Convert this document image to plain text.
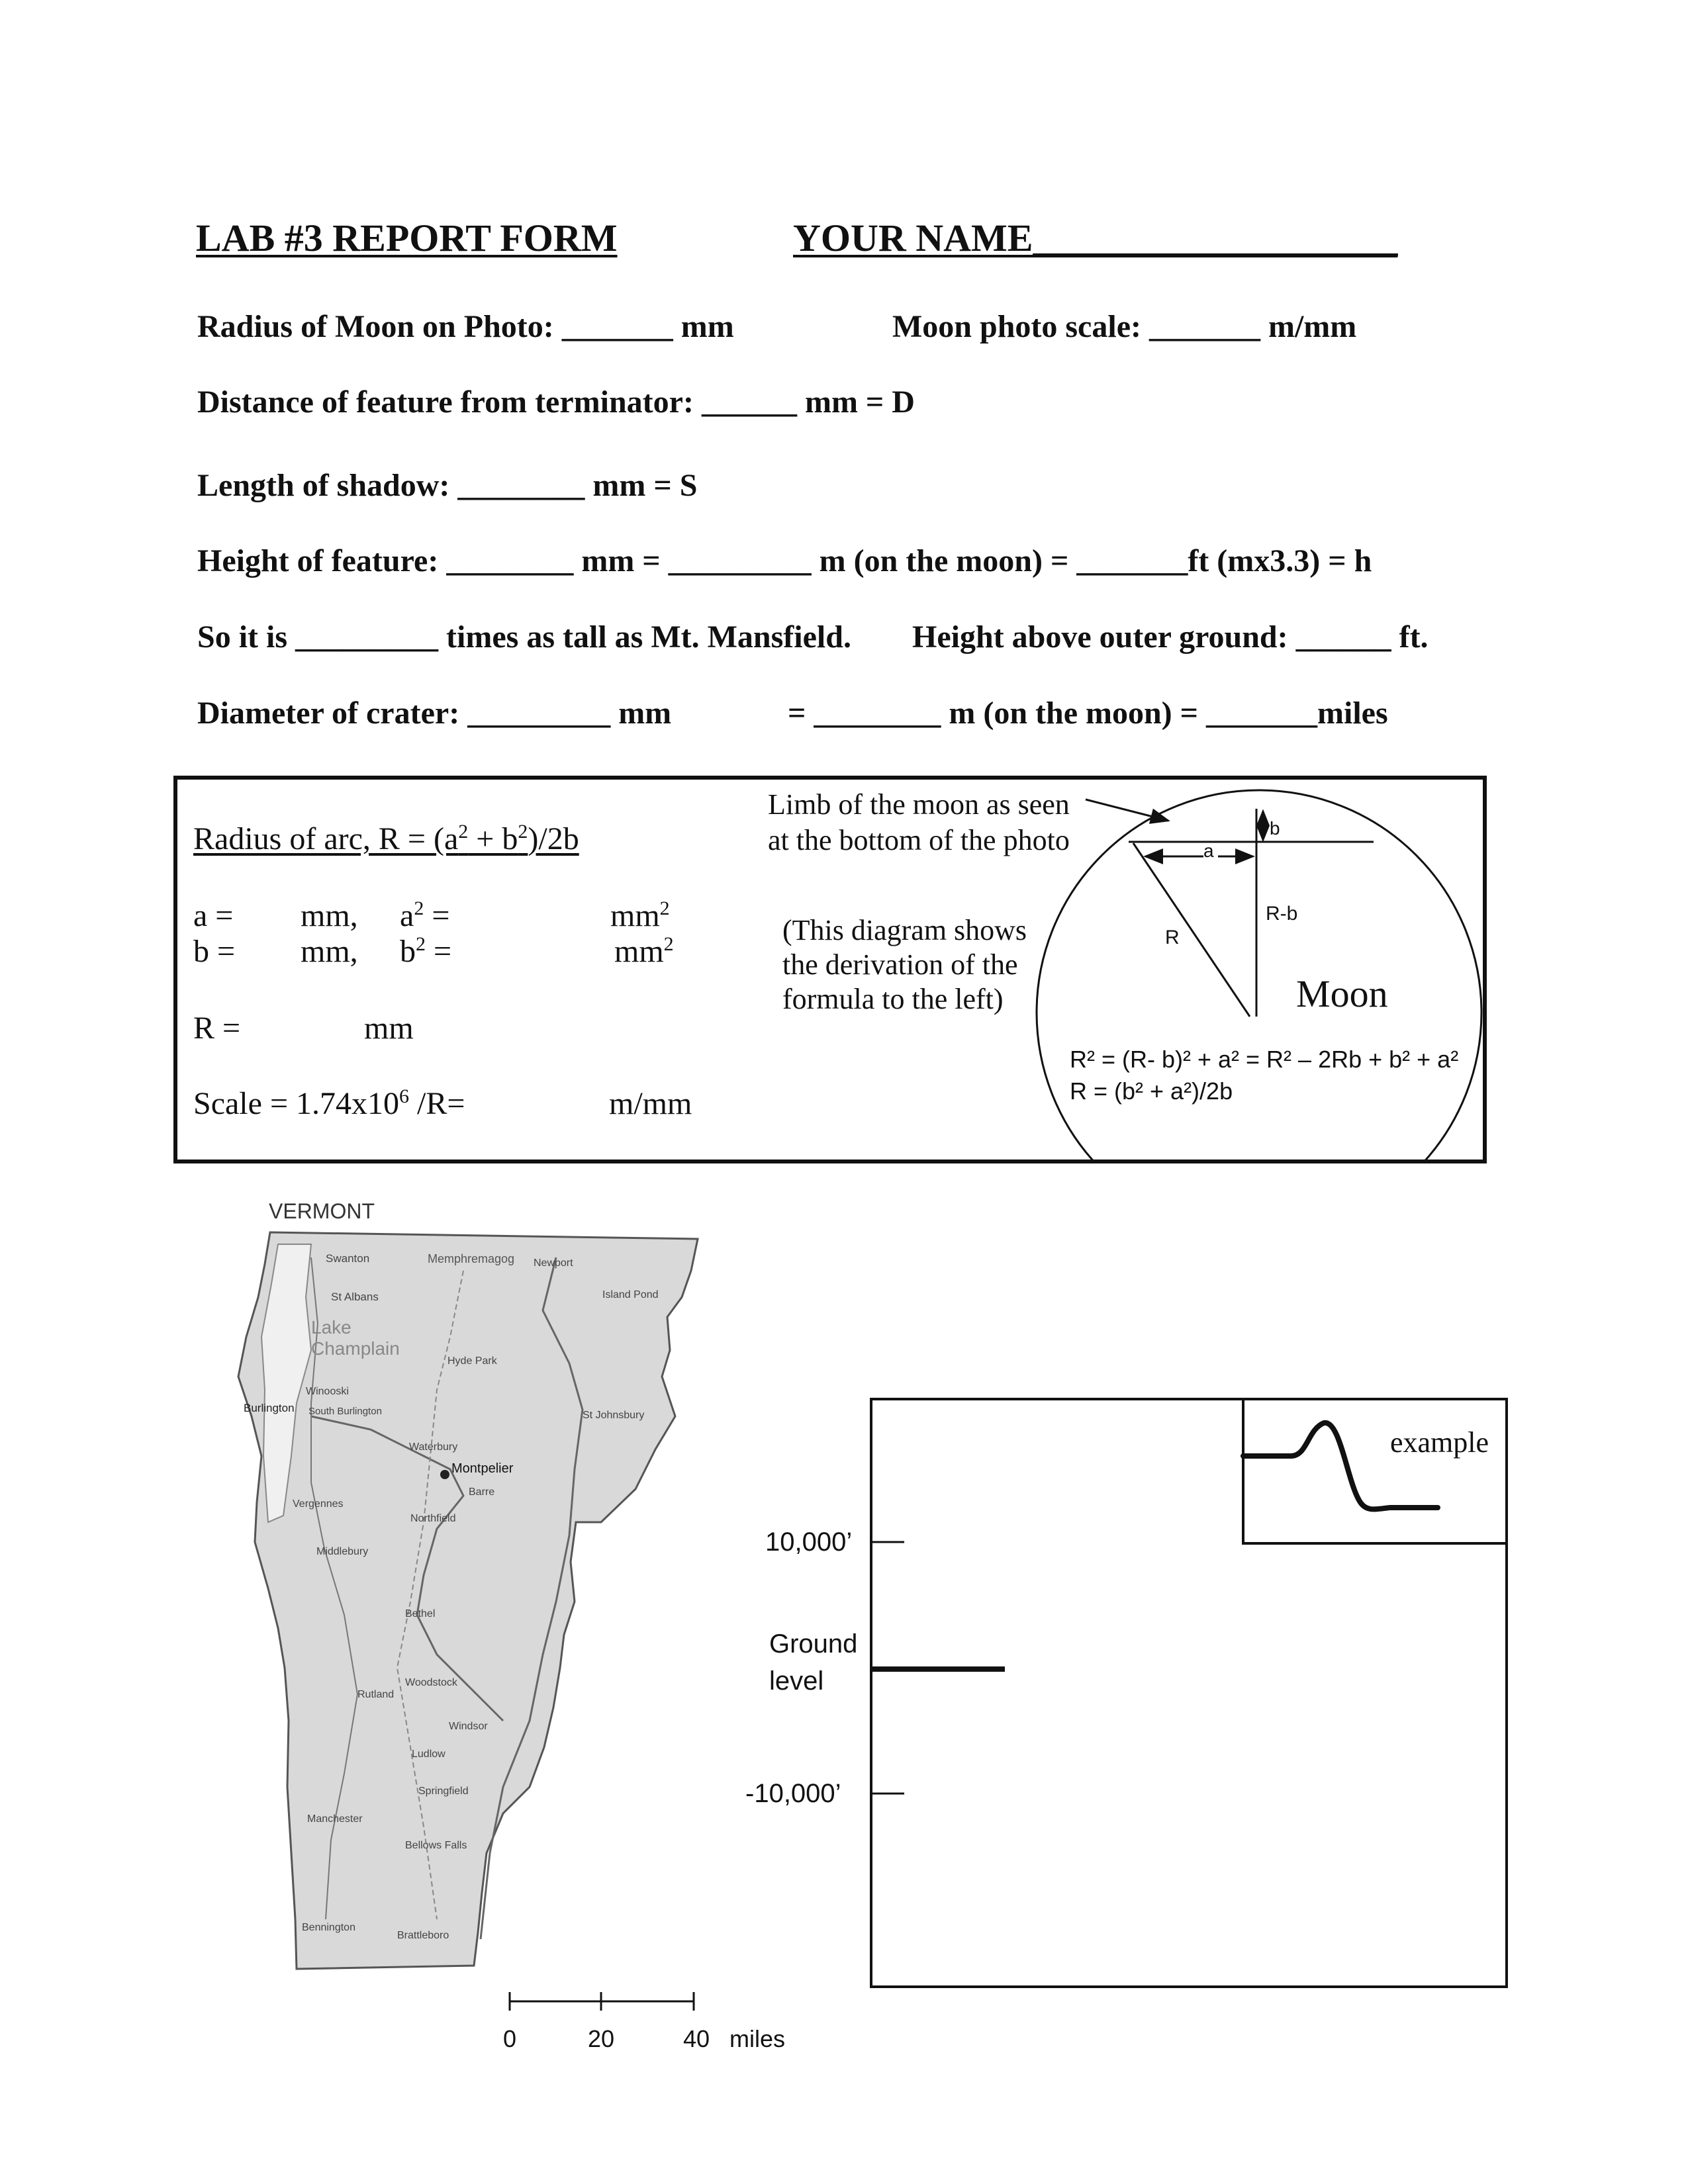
LAB #3 REPORT FORM	YOUR NAME___________________
Radius of Moon on Photo: _______ mm	Moon photo scale: _______ m/mm
Distance of feature from terminator: ______ mm = D
Length of shadow: ________ mm = S
Height of feature: ________ mm = _________ m (on the moon) = _______ft (mx3.3) = h
So it is _________ times as tall as Mt. Mansfield. Height above outer ground: ______ ft.
Diameter of crater: _________ mm	= ________ m (on the moon) = _______miles
Radius of arc, $R = (a^2 + b^2)/2b$
a = mm, $a^2$ =	$mm^2$
b = mm, $b^2$ =	$mm^2$
R =	mm
Scale = $1.74x10^6$ /R=	m/mm
Limb of the moon as seen
at the bottom of the photo
(This diagram shows
the derivation of the
formula to the left)
a
b
R
R-b
Moon
R² = (R- b)² + a² = R² – 2Rb + b² + a²
R = (b² + a²)/2b
VERMONT
Swanton
St Albans
Lake
Champlain
Memphremagog Newport
Island Pond
Hyde Park
Winooski
Burlington South Burlington	St Johnsbury
Waterbury
Montpelier
Barre
Vergennes
Northfield
Middlebury
Bethel
Woodstock
Rutland
Windsor
Ludlow
Springfield
Manchester
Bellows Falls
Bennington
Brattleboro
0	20	40 miles
10,000’
Ground
level
-10,000’
example
